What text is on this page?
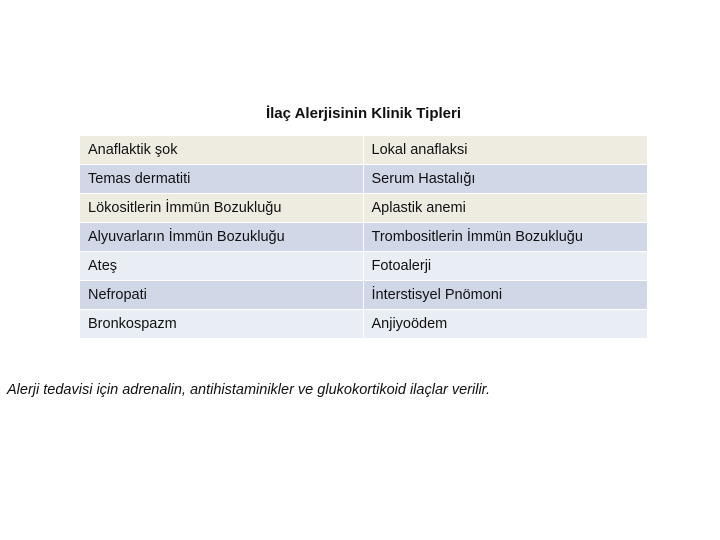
İlaç Alerjisinin Klinik Tipleri
Anaflaktik şok	Lokal anaflaksi
Temas dermatiti	Serum Hastalığı
Lökositlerin İmmün Bozukluğu	Aplastik anemi
Alyuvarların İmmün Bozukluğu	Trombositlerin İmmün Bozukluğu
Ateş	Fotoalerji
Nefropati	İnterstisyel Pnömoni
Bronkospazm	Anjiyoödem
Alerji tedavisi için adrenalin, antihistaminikler ve glukokortikoid ilaçlar verilir.
